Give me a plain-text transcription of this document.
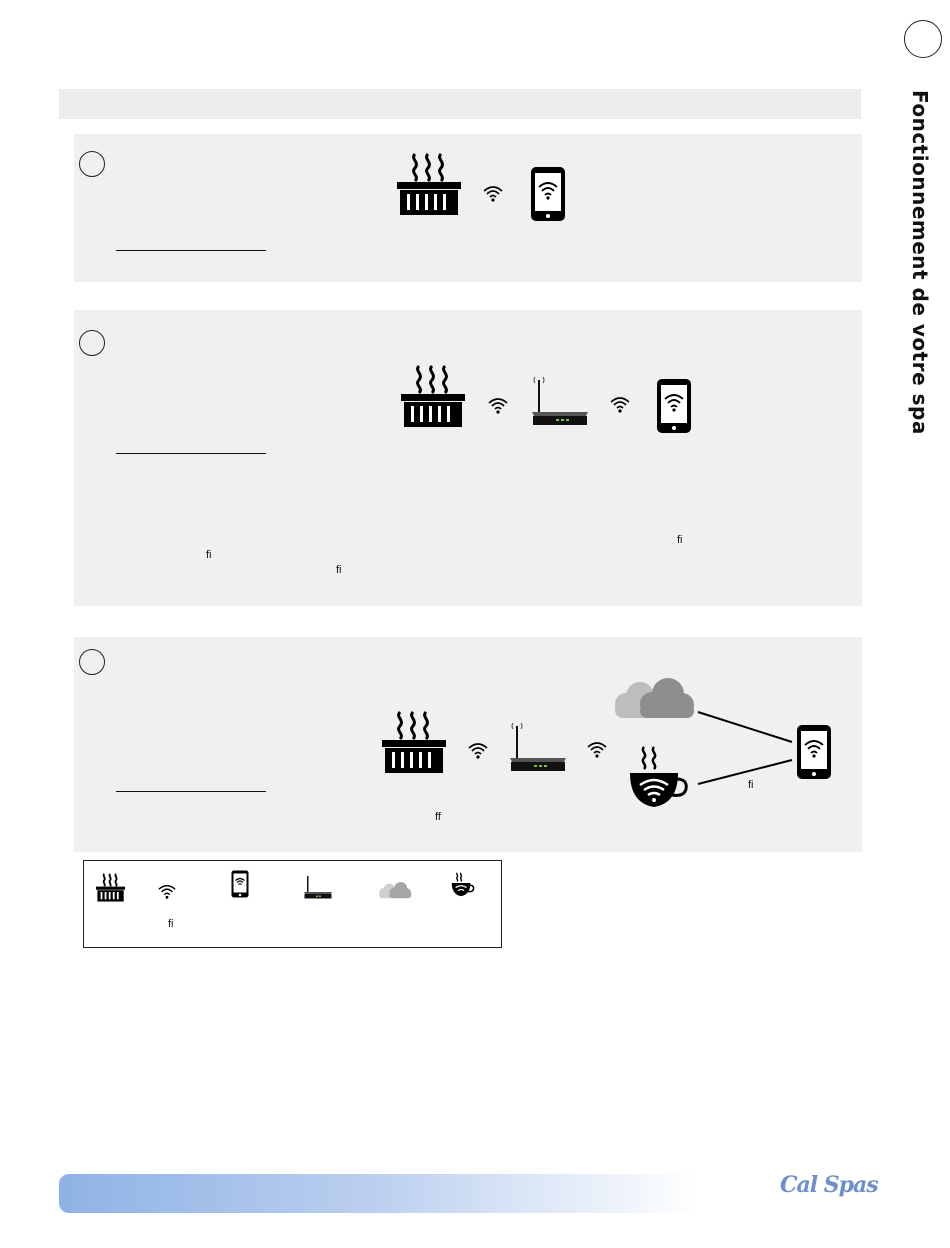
Fonctionnement de votre spa
fi
fi
fi
ff
fi
fi
Cal Spas
